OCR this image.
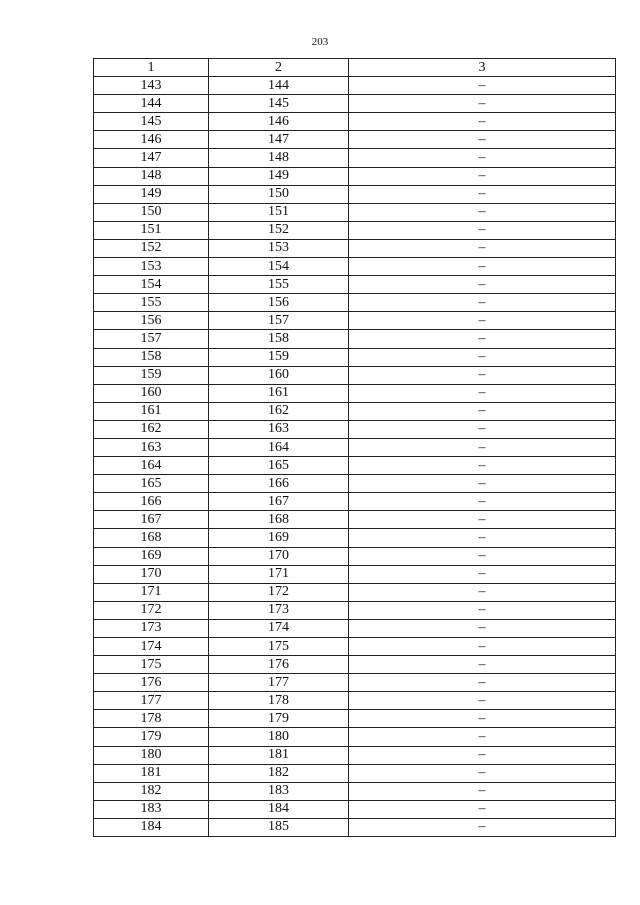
203
1	2	3
143	144	–
144	145	–
145	146	–
146	147	–
147	148	–
148	149	–
149	150	–
150	151	–
151	152	–
152	153	–
153	154	–
154	155	–
155	156	–
156	157	–
157	158	–
158	159	–
159	160	–
160	161	–
161	162	–
162	163	–
163	164	–
164	165	–
165	166	–
166	167	–
167	168	–
168	169	–
169	170	–
170	171	–
171	172	–
172	173	–
173	174	–
174	175	–
175	176	–
176	177	–
177	178	–
178	179	–
179	180	–
180	181	–
181	182	–
182	183	–
183	184	–
184	185	–
